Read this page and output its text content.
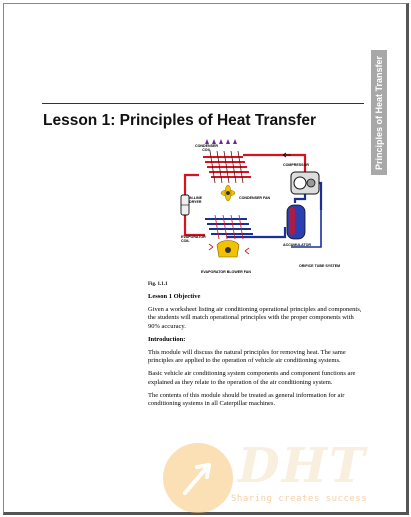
Principles of Heat Transfer
Lesson 1: Principles of Heat Transfer
CONDENSER
COIL
COMPRESSOR
IN-LINE
DRYER
CONDENSER FAN
EVAPORATOR
COIL
ACCUMULATOR
ORIFICE TUBE SYSTEM
EVAPORATOR BLOWER FAN
Fig. 1.1.1

Lesson 1 Objective

Given a worksheet listing air conditioning operational principles and components, the students will match operational principles with the proper components with 90% accuracy.

Introduction:

This module will discuss the natural principles for removing heat. The same principles are applied to the operation of vehicle air conditioning systems.

Basic vehicle air conditioning system components and component functions are explained as they relate to the operation of the air conditioning system.

The contents of this module should be treated as general information for air conditioning systems in all Caterpillar machines.

DHT
Sharing creates success
